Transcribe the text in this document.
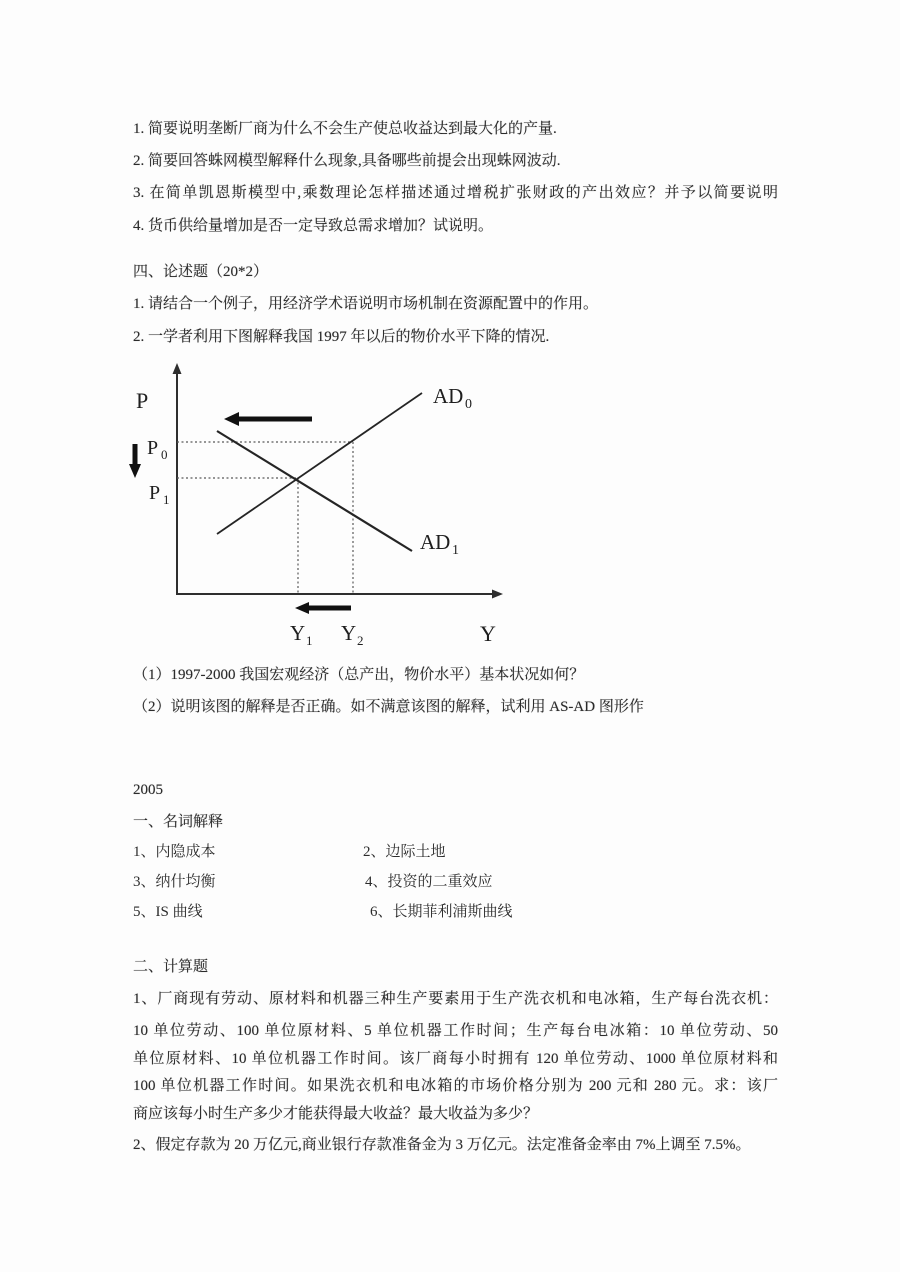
1. 简要说明垄断厂商为什么不会生产使总收益达到最大化的产量.
2. 简要回答蛛网模型解释什么现象,具备哪些前提会出现蛛网波动.
3. 在简单凯恩斯模型中,乘数理论怎样描述通过增税扩张财政的产出效应？并予以简要说明
4. 货币供给量增加是否一定导致总需求增加？试说明。
四、论述题（20*2）
1. 请结合一个例子，用经济学术语说明市场机制在资源配置中的作用。
2. 一学者利用下图解释我国 1997 年以后的物价水平下降的情况.
P
Y
P 0
P 1
Y 1 Y 2
AD 0
AD 1
（1）1997-2000 我国宏观经济（总产出，物价水平）基本状况如何？
（2）说明该图的解释是否正确。如不满意该图的解释，试利用 AS-AD 图形作
2005
一、名词解释
1、内隐成本	2、边际土地
3、纳什均衡	4、投资的二重效应
5、IS 曲线	6、长期菲利浦斯曲线
二、计算题
1、厂商现有劳动、原材料和机器三种生产要素用于生产洗衣机和电冰箱，生产每台洗衣机：
10 单位劳动、100 单位原材料、5 单位机器工作时间；生产每台电冰箱：10 单位劳动、50
单位原材料、10 单位机器工作时间。该厂商每小时拥有 120 单位劳动、1000 单位原材料和
100 单位机器工作时间。如果洗衣机和电冰箱的市场价格分别为 200 元和 280 元。求：该厂
商应该每小时生产多少才能获得最大收益？最大收益为多少？
2、假定存款为 20 万亿元,商业银行存款准备金为 3 万亿元。法定准备金率由 7%上调至 7.5%。
